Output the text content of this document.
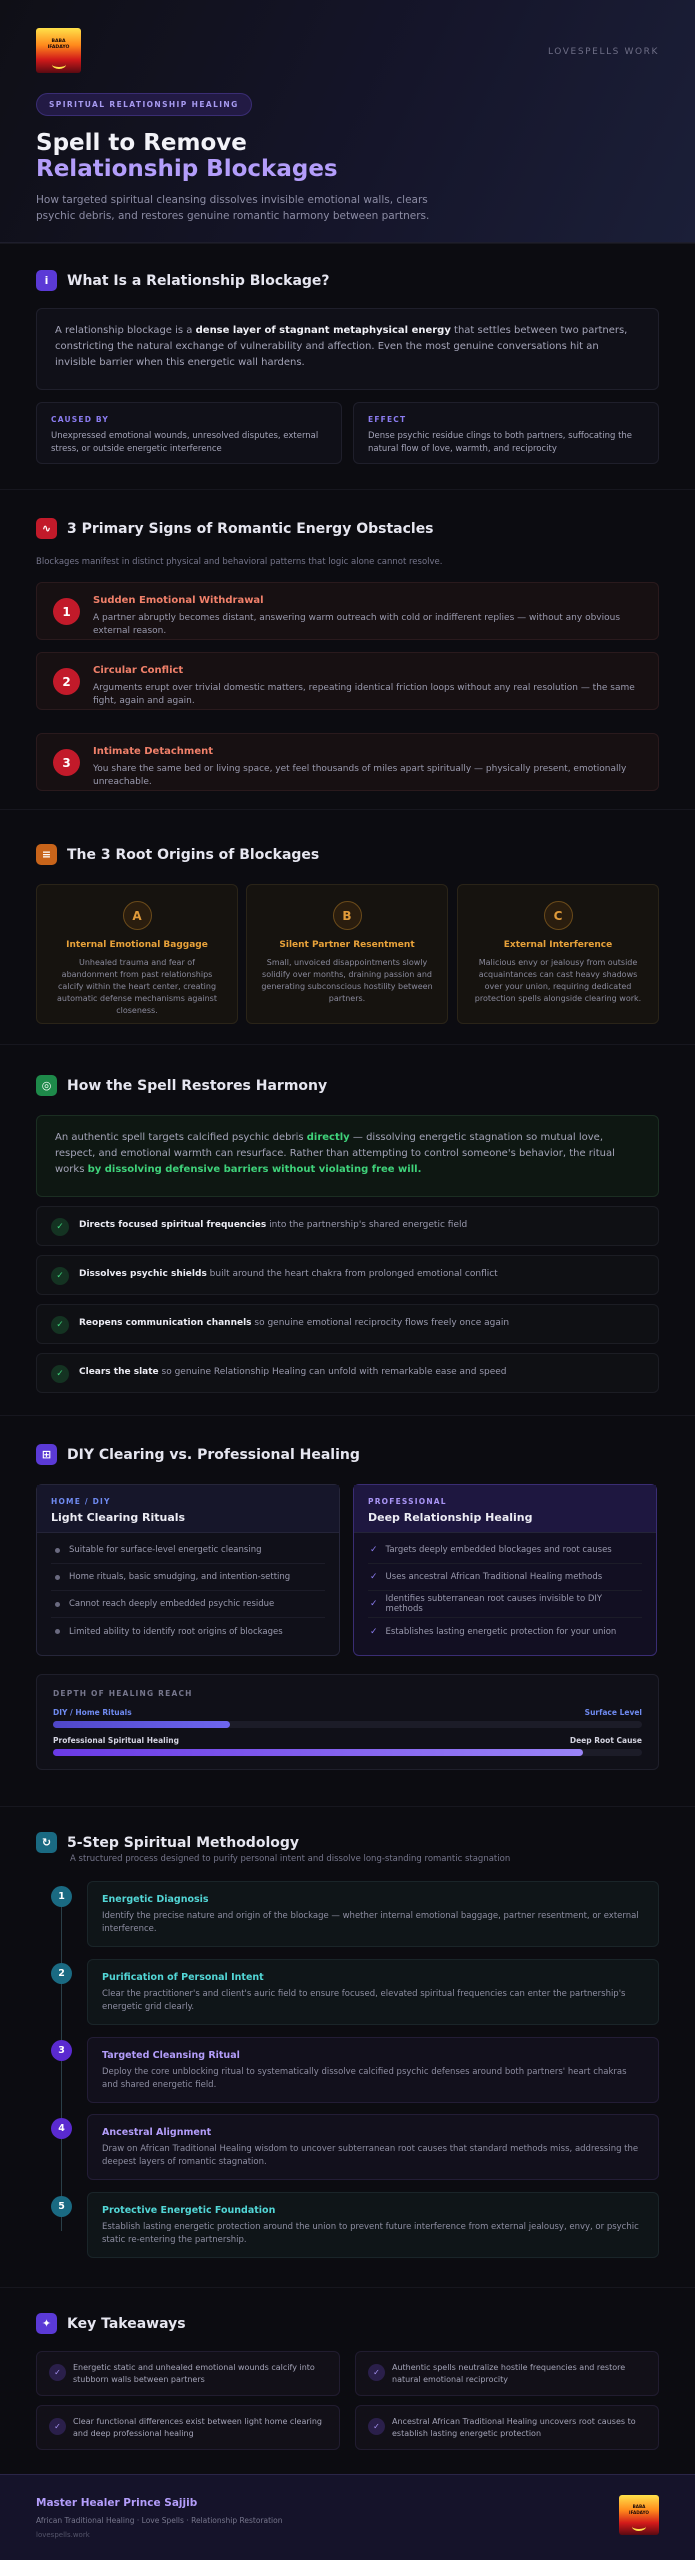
BABA
IFADAYO	LOVESPELLS WORK
SPIRITUAL RELATIONSHIP HEALING
Spell to Remove
Relationship Blockages
How targeted spiritual cleansing dissolves invisible emotional walls, clears psychic debris, and restores genuine romantic harmony between partners.
i	What Is a Relationship Blockage?
A relationship blockage is a dense layer of stagnant metaphysical energy that settles between two partners, constricting the natural exchange of vulnerability and affection. Even the most genuine conversations hit an invisible barrier when this energetic wall hardens.
CAUSED BY
Unexpressed emotional wounds, unresolved disputes, external stress, or outside energetic interference
EFFECT
Dense psychic residue clings to both partners, suffocating the natural flow of love, warmth, and reciprocity
∿	3 Primary Signs of Romantic Energy Obstacles
Blockages manifest in distinct physical and behavioral patterns that logic alone cannot resolve.
1
Sudden Emotional Withdrawal
A partner abruptly becomes distant, answering warm outreach with cold or indifferent replies — without any obvious external reason.
2
Circular Conflict
Arguments erupt over trivial domestic matters, repeating identical friction loops without any real resolution — the same fight, again and again.
3
Intimate Detachment
You share the same bed or living space, yet feel thousands of miles apart spiritually — physically present, emotionally unreachable.
≡	The 3 Root Origins of Blockages
A
Internal Emotional Baggage
Unhealed trauma and fear of abandonment from past relationships calcify within the heart center, creating automatic defense mechanisms against closeness.
B
Silent Partner Resentment
Small, unvoiced disappointments slowly solidify over months, draining passion and generating subconscious hostility between partners.
C
External Interference
Malicious envy or jealousy from outside acquaintances can cast heavy shadows over your union, requiring dedicated protection spells alongside clearing work.
◎	How the Spell Restores Harmony
An authentic spell targets calcified psychic debris directly — dissolving energetic stagnation so mutual love, respect, and emotional warmth can resurface. Rather than attempting to control someone's behavior, the ritual works by dissolving defensive barriers without violating free will.
✓	Directs focused spiritual frequencies into the partnership's shared energetic field
✓	Dissolves psychic shields built around the heart chakra from prolonged emotional conflict
✓	Reopens communication channels so genuine emotional reciprocity flows freely once again
✓	Clears the slate so genuine Relationship Healing can unfold with remarkable ease and speed
⊞	DIY Clearing vs. Professional Healing
HOME / DIY
Light Clearing Rituals
Suitable for surface-level energetic cleansing
Home rituals, basic smudging, and intention-setting
Cannot reach deeply embedded psychic residue
Limited ability to identify root origins of blockages
PROFESSIONAL
Deep Relationship Healing
✓ Targets deeply embedded blockages and root causes
✓ Uses ancestral African Traditional Healing methods
✓ Identifies subterranean root causes invisible to DIY methods
✓ Establishes lasting energetic protection for your union
DEPTH OF HEALING REACH
DIY / Home Rituals	Surface Level
Professional Spiritual Healing	Deep Root Cause
↻	5-Step Spiritual Methodology
A structured process designed to purify personal intent and dissolve long-standing romantic stagnation
1	Energetic Diagnosis
Identify the precise nature and origin of the blockage — whether internal emotional baggage, partner resentment, or external interference.
2	Purification of Personal Intent
Clear the practitioner's and client's auric field to ensure focused, elevated spiritual frequencies can enter the partnership's energetic grid clearly.
3	Targeted Cleansing Ritual
Deploy the core unblocking ritual to systematically dissolve calcified psychic defenses around both partners' heart chakras and shared energetic field.
4	Ancestral Alignment
Draw on African Traditional Healing wisdom to uncover subterranean root causes that standard methods miss, addressing the deepest layers of romantic stagnation.
5	Protective Energetic Foundation
Establish lasting energetic protection around the union to prevent future interference from external jealousy, envy, or psychic static re-entering the partnership.
✦	Key Takeaways
✓
Energetic static and unhealed emotional wounds calcify into stubborn walls between partners
✓
Authentic spells neutralize hostile frequencies and restore natural emotional reciprocity
✓
Clear functional differences exist between light home clearing and deep professional healing
✓
Ancestral African Traditional Healing uncovers root causes to establish lasting energetic protection
Master Healer Prince Sajjib
African Traditional Healing · Love Spells · Relationship Restoration
lovespells.work
BABA
IFADAYO
